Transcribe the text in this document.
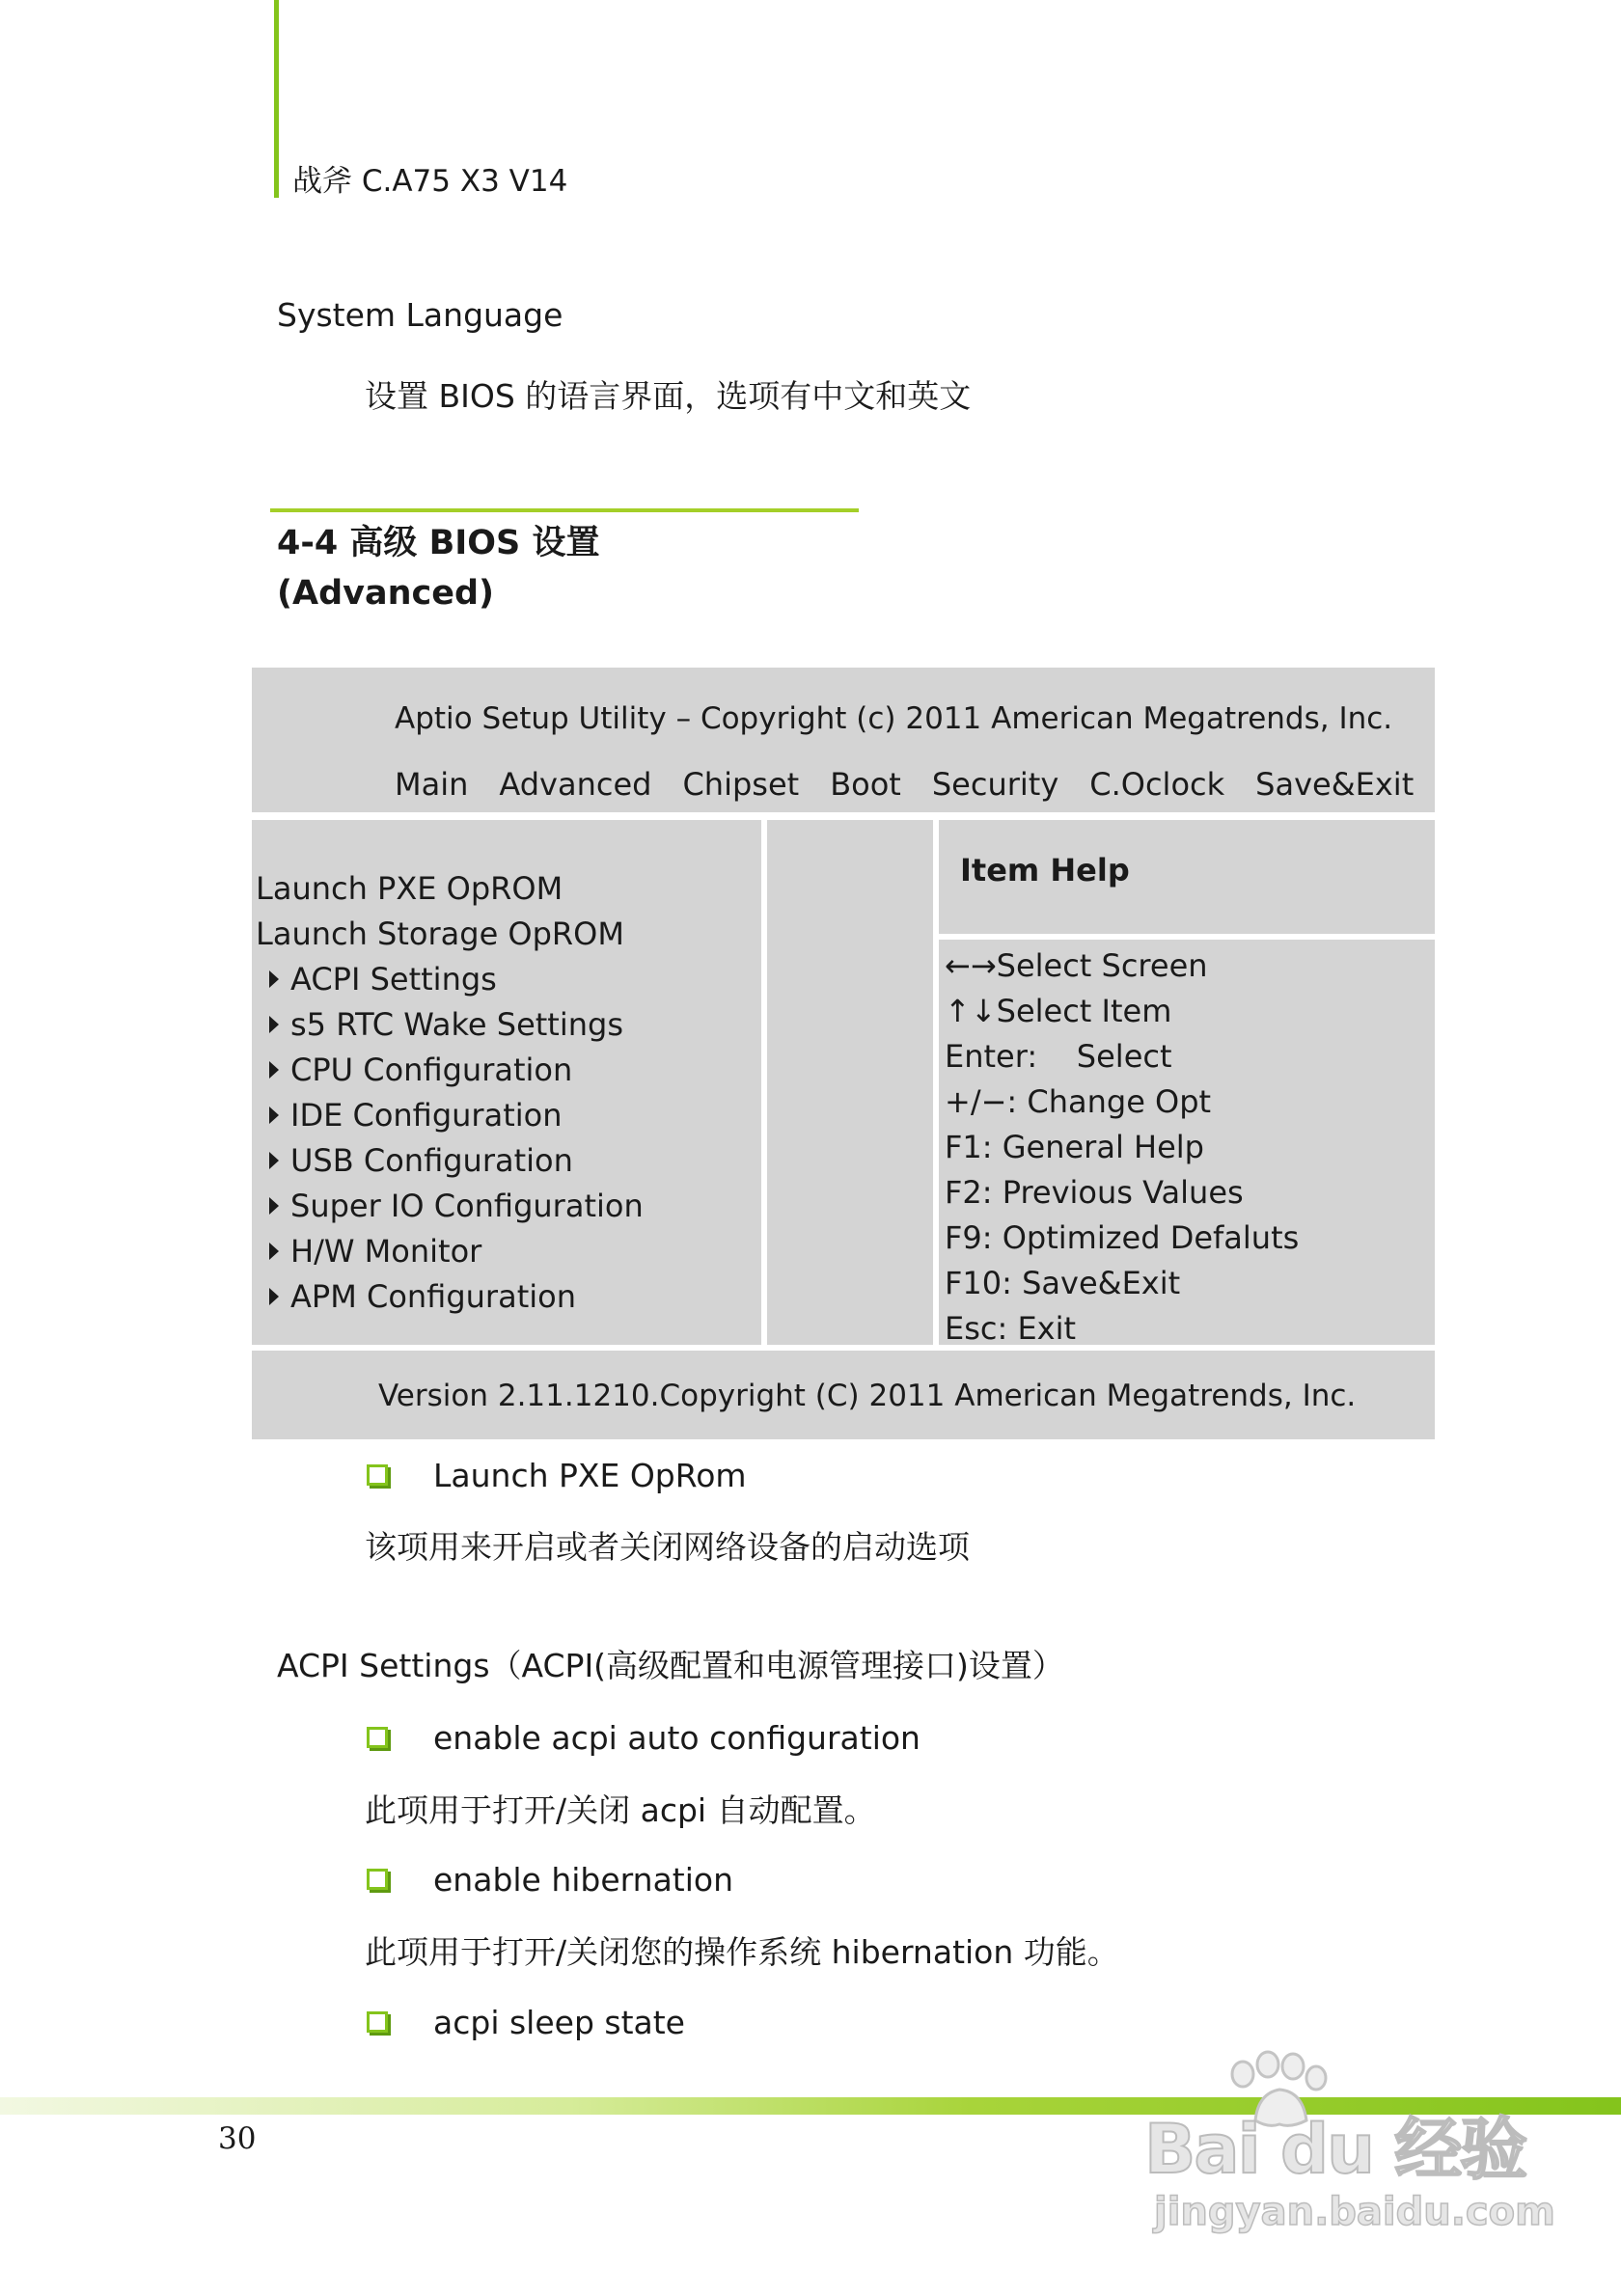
战斧 C.A75 X3 V14
System Language
设置 BIOS 的语言界面，选项有中文和英文
4-4 高级 BIOS 设置
(Advanced)
Aptio Setup Utility – Copyright (c) 2011 American Megatrends, Inc.
Main Advanced Chipset Boot Security C.Oclock Save&Exit
Launch PXE OpROM
Launch Storage OpROM
ACPI Settings
s5 RTC Wake Settings
CPU Configuration
IDE Configuration
USB Configuration
Super IO Configuration
H/W Monitor
APM Configuration
Item Help
←→Select Screen
↑↓Select Item
Enter:    Select
+/−: Change Opt
F1: General Help
F2: Previous Values
F9: Optimized Defaluts
F10: Save&Exit
Esc: Exit
Version 2.11.1210.Copyright (C) 2011 American Megatrends, Inc.
Launch PXE OpRom
该项用来开启或者关闭网络设备的启动选项
ACPI Settings（ACPI(高级配置和电源管理接口)设置）
enable acpi auto configuration
此项用于打开/关闭 acpi 自动配置。
enable hibernation
此项用于打开/关闭您的操作系统 hibernation 功能。
acpi sleep state
30	Bai du 经验
jingyan.baidu.com
